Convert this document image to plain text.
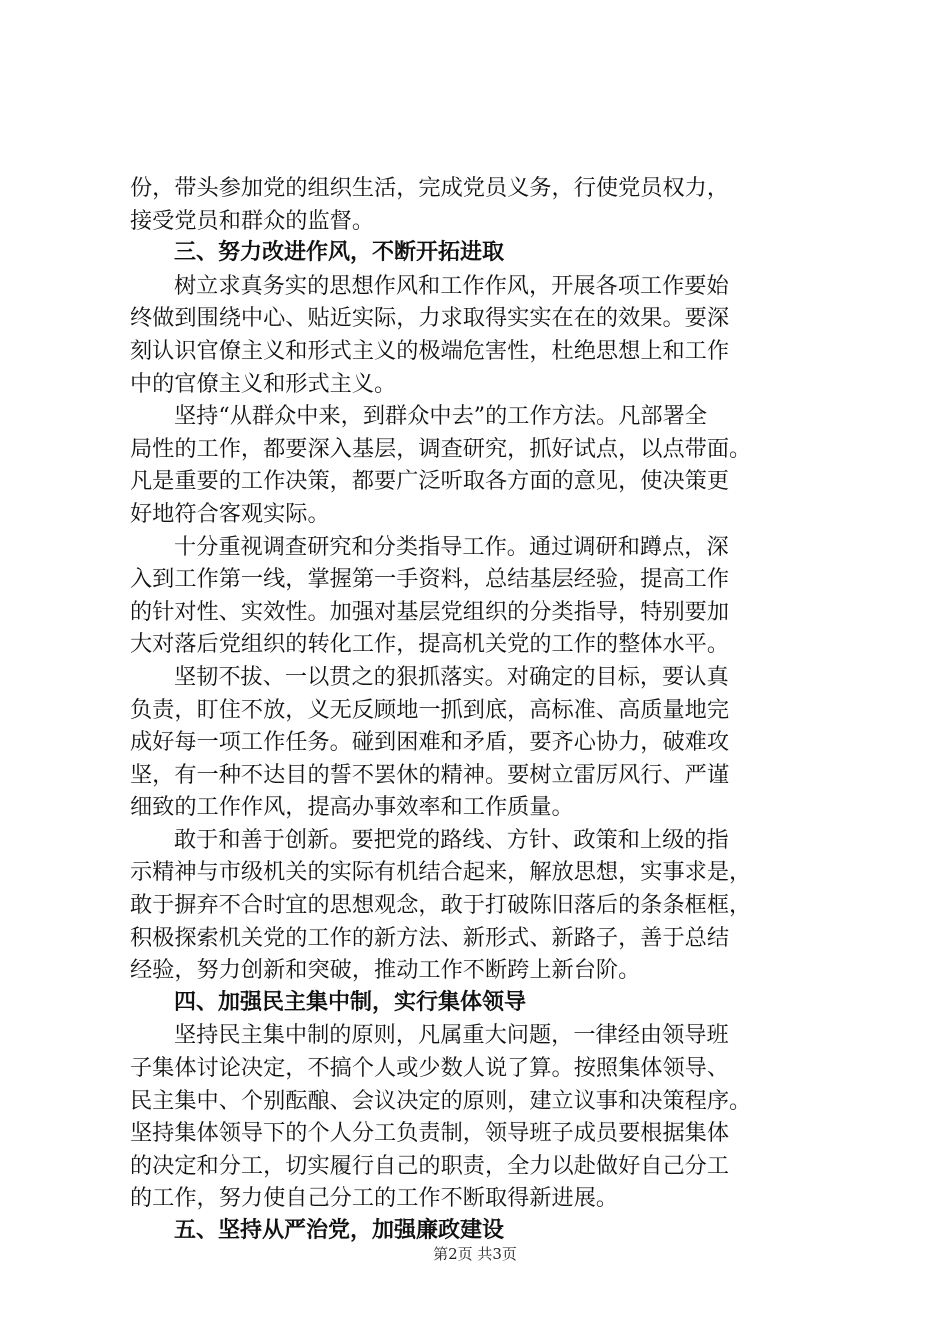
份，带头参加党的组织生活，完成党员义务，行使党员权力，
接受党员和群众的监督。
三、努力改进作风，不断开拓进取
树立求真务实的思想作风和工作作风，开展各项工作要始
终做到围绕中心、贴近实际，力求取得实实在在的效果。要深
刻认识官僚主义和形式主义的极端危害性，杜绝思想上和工作
中的官僚主义和形式主义。
坚持“从群众中来，到群众中去”的工作方法。凡部署全
局性的工作，都要深入基层，调查研究，抓好试点，以点带面。
凡是重要的工作决策，都要广泛听取各方面的意见，使决策更
好地符合客观实际。
十分重视调查研究和分类指导工作。通过调研和蹲点，深
入到工作第一线，掌握第一手资料，总结基层经验，提高工作
的针对性、实效性。加强对基层党组织的分类指导，特别要加
大对落后党组织的转化工作，提高机关党的工作的整体水平。
坚韧不拔、一以贯之的狠抓落实。对确定的目标，要认真
负责，盯住不放，义无反顾地一抓到底，高标准、高质量地完
成好每一项工作任务。碰到困难和矛盾，要齐心协力，破难攻
坚，有一种不达目的誓不罢休的精神。要树立雷厉风行、严谨
细致的工作作风，提高办事效率和工作质量。
敢于和善于创新。要把党的路线、方针、政策和上级的指
示精神与市级机关的实际有机结合起来，解放思想，实事求是，
敢于摒弃不合时宜的思想观念，敢于打破陈旧落后的条条框框，
积极探索机关党的工作的新方法、新形式、新路子，善于总结
经验，努力创新和突破，推动工作不断跨上新台阶。
四、加强民主集中制，实行集体领导
坚持民主集中制的原则，凡属重大问题，一律经由领导班
子集体讨论决定，不搞个人或少数人说了算。按照集体领导、
民主集中、个别酝酿、会议决定的原则，建立议事和决策程序。
坚持集体领导下的个人分工负责制，领导班子成员要根据集体
的决定和分工，切实履行自己的职责，全力以赴做好自己分工
的工作，努力使自己分工的工作不断取得新进展。
五、坚持从严治党，加强廉政建设
第2页 共3页
